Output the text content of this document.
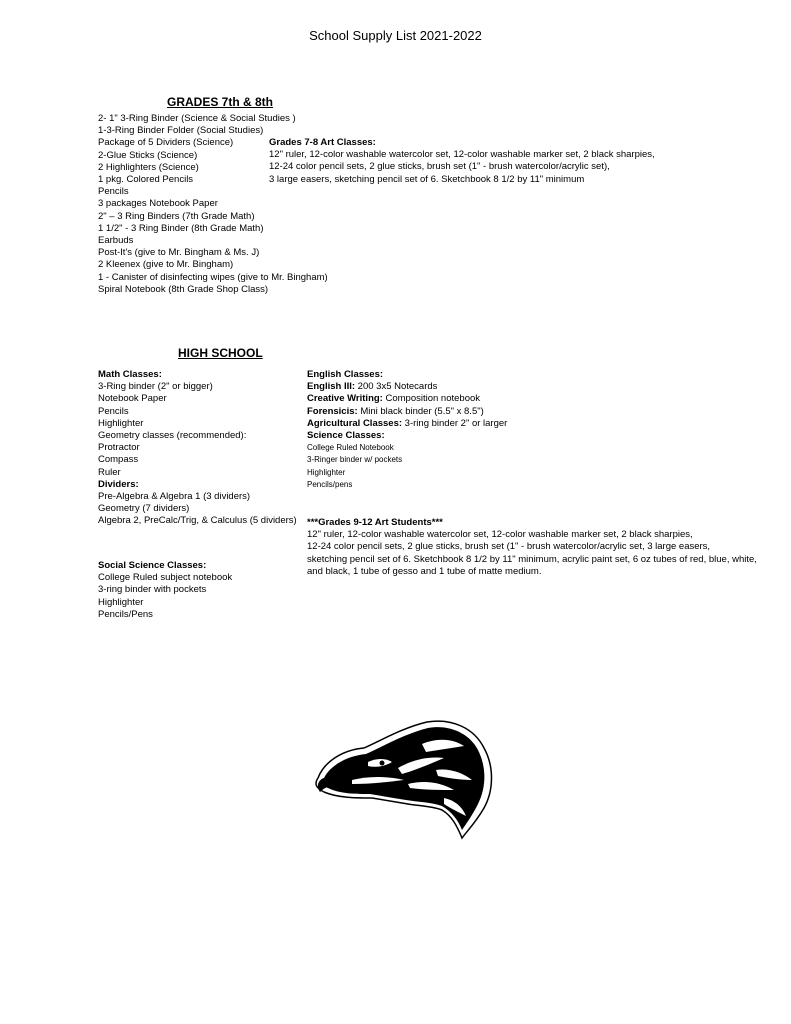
School Supply List 2021-2022
GRADES 7th & 8th
2- 1" 3-Ring Binder (Science & Social Studies )
1-3-Ring Binder Folder (Social Studies)
Package of 5 Dividers (Science)
2-Glue Sticks (Science)
2 Highlighters (Science)
1 pkg. Colored Pencils
Pencils
3 packages Notebook Paper
2" – 3 Ring Binders (7th Grade Math)
1 1/2" - 3 Ring Binder (8th Grade Math)
Earbuds
Post-It's (give to Mr. Bingham & Ms. J)
2 Kleenex (give to Mr. Bingham)
1 - Canister of disinfecting wipes (give to Mr. Bingham)
Spiral Notebook (8th Grade Shop Class)
Grades 7-8 Art Classes:
12" ruler, 12-color washable watercolor set, 12-color washable marker set, 2 black sharpies,
12-24 color pencil sets, 2 glue sticks, brush set (1" - brush watercolor/acrylic set),
3 large easers, sketching pencil set of 6. Sketchbook 8 1/2 by 11" minimum
HIGH SCHOOL
Math Classes:
3-Ring binder (2" or bigger)
Notebook Paper
Pencils
Highlighter
Geometry classes (recommended):
Protractor
Compass
Ruler
Dividers:
Pre-Algebra & Algebra 1 (3 dividers)
Geometry (7 dividers)
Algebra 2, PreCalc/Trig, & Calculus (5 dividers)
Social Science Classes:
College Ruled subject notebook
3-ring binder with pockets
Highlighter
Pencils/Pens
English Classes:
English III: 200 3x5 Notecards
Creative Writing: Composition notebook
Forensicis: Mini black binder (5.5" x 8.5")
Agricultural Classes: 3-ring binder 2" or larger
Science Classes:
College Ruled Notebook
3-Ringer binder w/ pockets
Highlighter
Pencils/pens
***Grades 9-12 Art Students***
12" ruler, 12-color washable watercolor set, 12-color washable marker set, 2 black sharpies,
12-24 color pencil sets, 2 glue sticks, brush set (1" - brush watercolor/acrylic set, 3 large easers,
sketching pencil set of 6. Sketchbook 8 1/2 by 11" minimum, acrylic paint set, 6 oz tubes of red, blue, white,
and black, 1 tube of gesso and 1 tube of matte medium.
